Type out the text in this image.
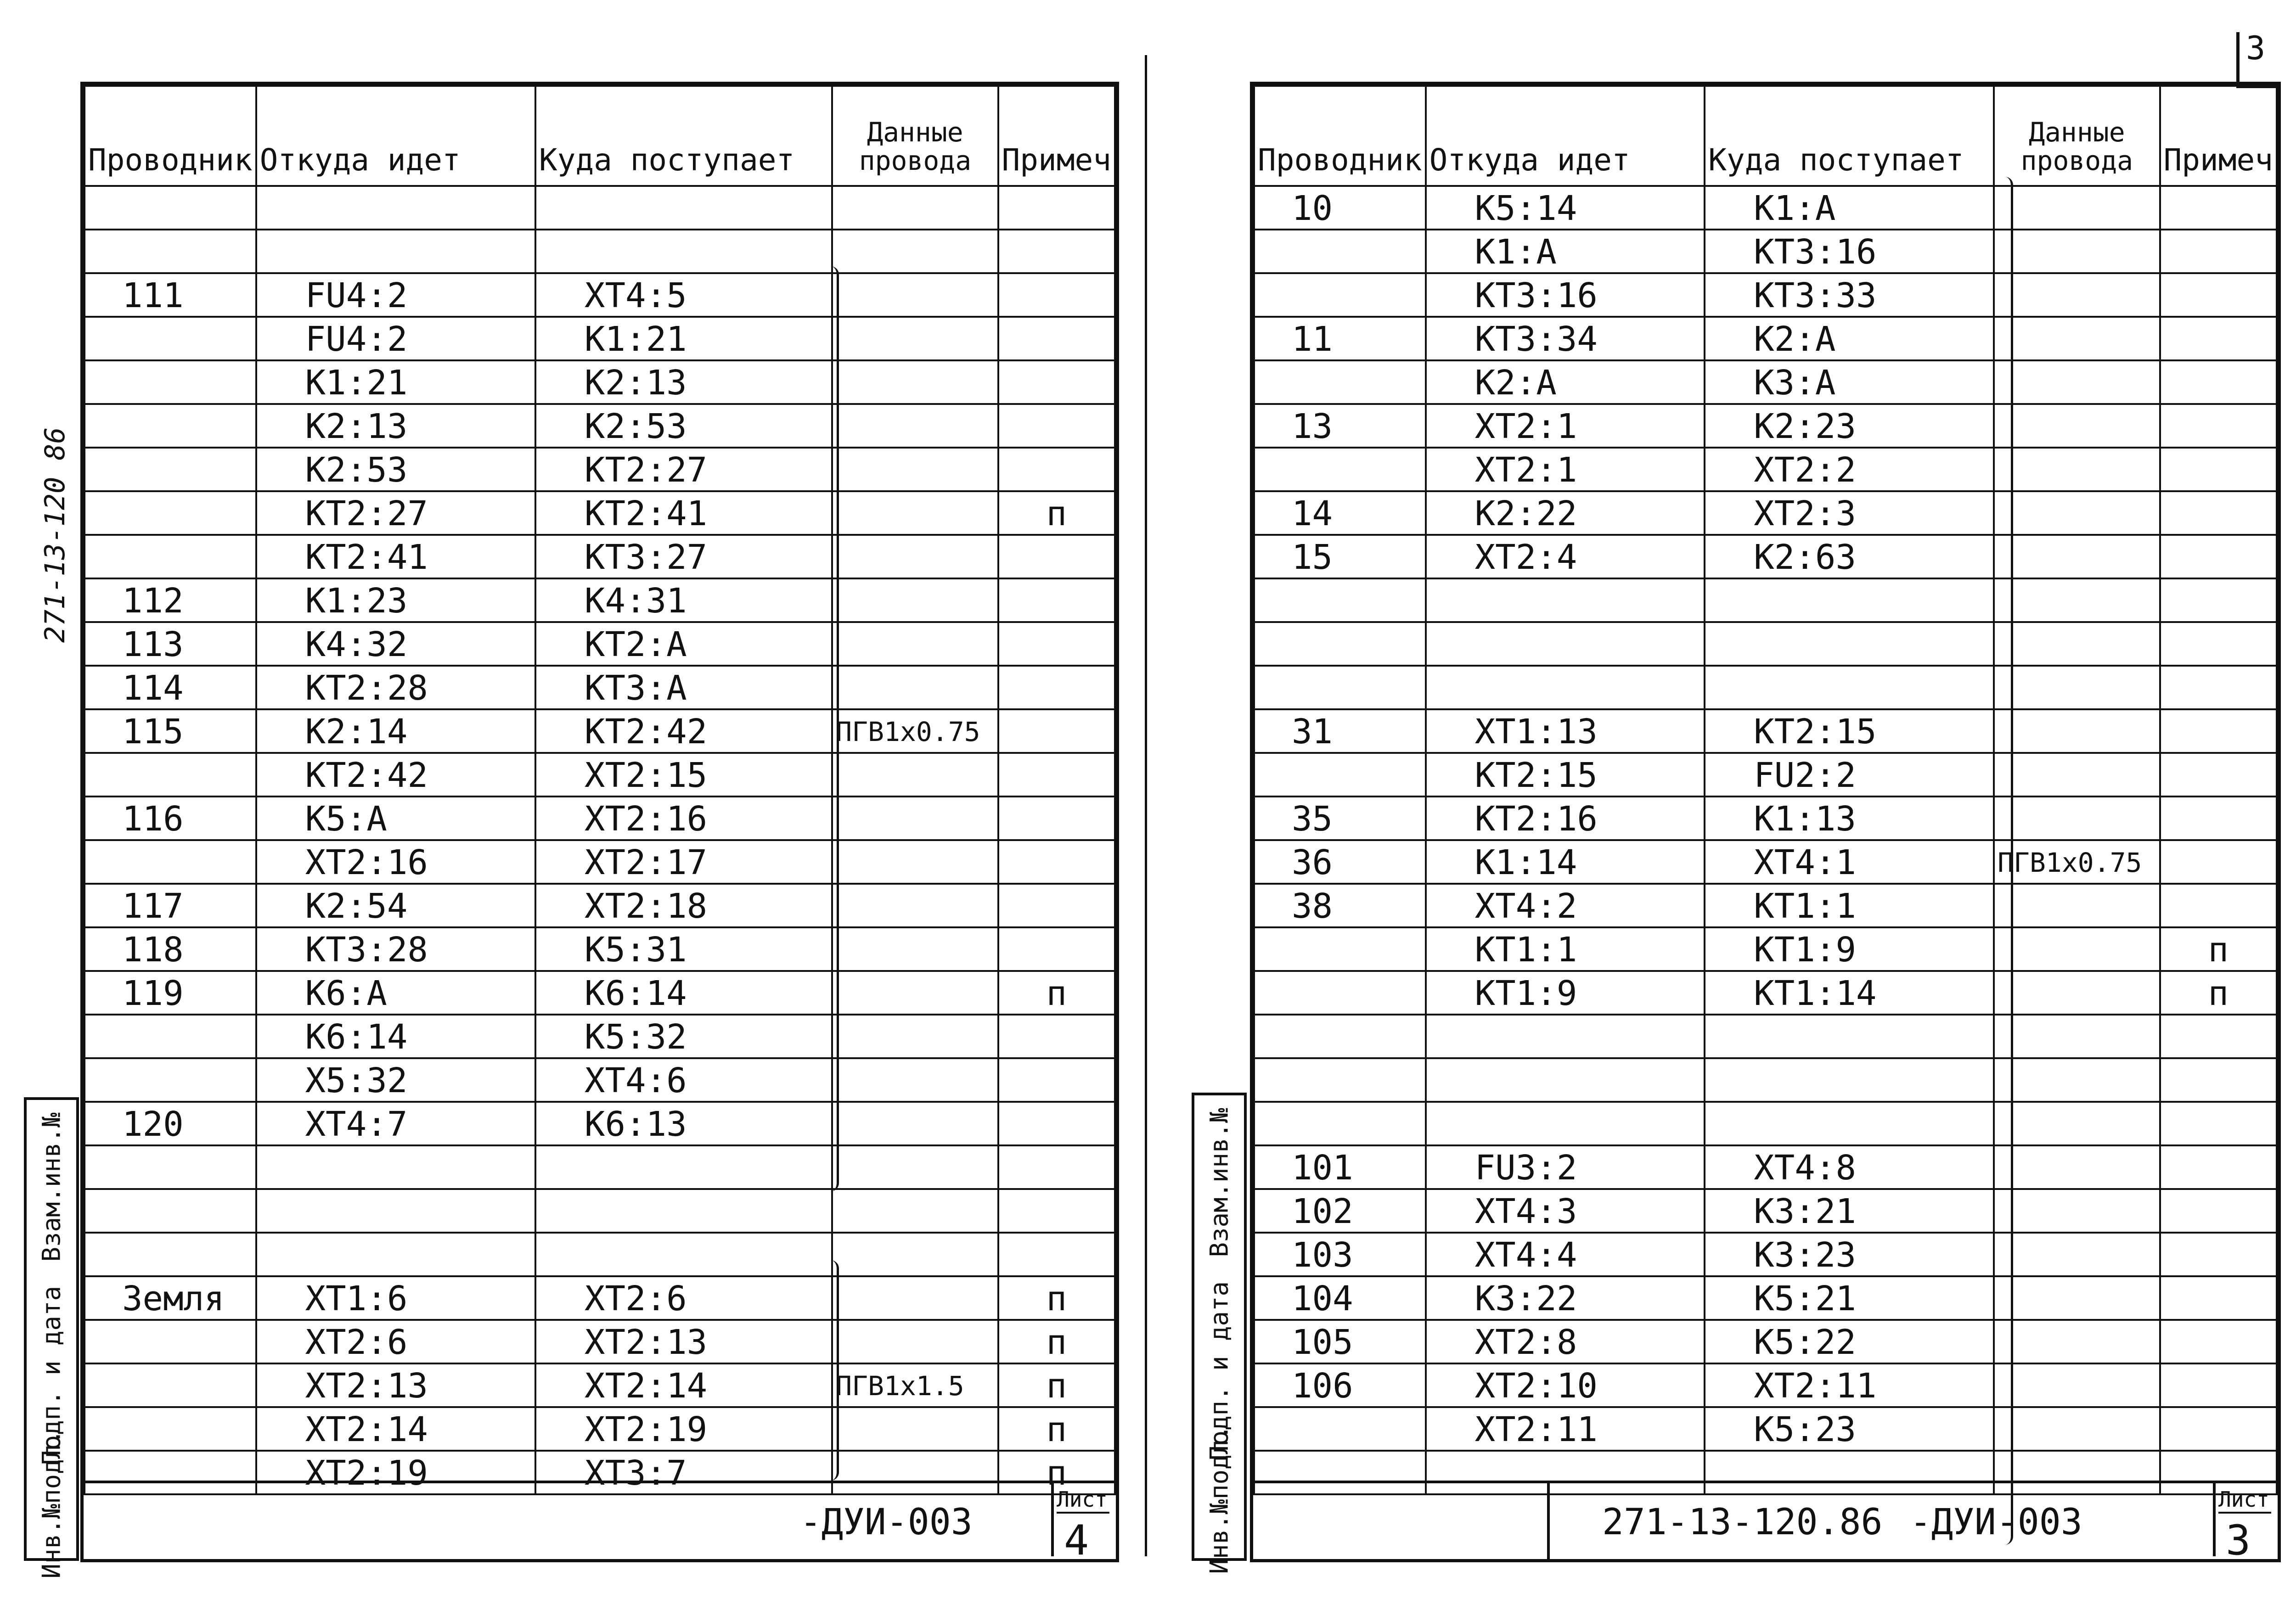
271-13-120 86
3
Проводник	Откуда идет	Куда поступает	Данные провода	Примеч

111	FU4:2	XT4:5		
	FU4:2	K1:21		
	K1:21	K2:13		
	K2:13	K2:53		
	K2:53	KT2:27		
	KT2:27	KT2:41		п
	KT2:41	KT3:27		
112	K1:23	K4:31		
113	K4:32	KT2:A		
114	KT2:28	KT3:A		
115	K2:14	KT2:42	ПГВ1х0.75	
	KT2:42	XT2:15		
116	K5:A	XT2:16		
	XT2:16	XT2:17		
117	K2:54	XT2:18		
118	KT3:28	K5:31		
119	K6:A	K6:14		п
	K6:14	K5:32		
	X5:32	XT4:6		
120	XT4:7	K6:13		

Земля	XT1:6	XT2:6		п
	XT2:6	XT2:13		п
	XT2:13	XT2:14	ПГВ1х1.5	п
	XT2:14	XT2:19		п
	XT2:19	XT3:7		п
-ДУИ-003
Лист
4
Инв.№подл.
Подп. и дата
Взам.инв.№
Проводник	Откуда идет	Куда поступает	Данные провода	Примеч
10	K5:14	K1:A		
	K1:A	KT3:16		
	KT3:16	KT3:33		
11	KT3:34	K2:A		
	K2:A	K3:A		
13	XT2:1	K2:23		
	XT2:1	XT2:2		
14	K2:22	XT2:3		
15	XT2:4	K2:63		

31	XT1:13	KT2:15		
	KT2:15	FU2:2		
35	KT2:16	K1:13		
36	K1:14	XT4:1	ПГВ1х0.75	
38	XT4:2	KT1:1		
	KT1:1	KT1:9		п
	KT1:9	KT1:14		п

101	FU3:2	XT4:8		
102	XT4:3	K3:21		
103	XT4:4	K3:23		
104	K3:22	K5:21		
105	XT2:8	K5:22		
106	XT2:10	XT2:11		
	XT2:11	K5:23		

271-13-120.86 -ДУИ-003
Лист
3
Инв.№подл.
Подп. и дата
Взам.инв.№
